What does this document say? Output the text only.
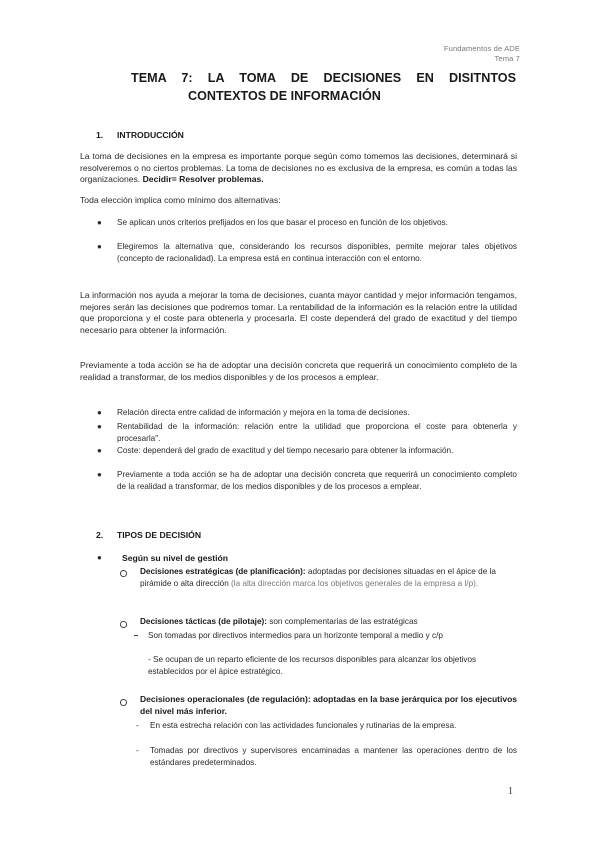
Fundamentos de ADE
Tema 7
TEMA 7: LA TOMA DE DECISIONES EN DISITNTOS
CONTEXTOS DE INFORMACIÓN
1. INTRODUCCIÓN
La toma de decisiones en la empresa es importante porque según como tomemos las decisiones, determinará si resolveremos o no ciertos problemas. La toma de decisiones no es exclusiva de la empresa, es común a todas las organizaciones. Decidir= Resolver problemas.
Toda elección implica como mínimo dos alternativas:
● Se aplican unos criterios prefijados en los que basar el proceso en función de los objetivos.
● Elegiremos la alternativa que, considerando los recursos disponibles, permite mejorar tales objetivos (concepto de racionalidad). La empresa está en continua interacción con el entorno.
La información nos ayuda a mejorar la toma de decisiones, cuanta mayor cantidad y mejor información tengamos, mejores serán las decisiones que podremos tomar. La rentabilidad de la información es la relación entre la utilidad que proporciona y el coste para obtenerla y procesarla. El coste dependerá del grado de exactitud y del tiempo necesario para obtener la información.
Previamente a toda acción se ha de adoptar una decisión concreta que requerirá un conocimiento completo de la realidad a transformar, de los medios disponibles y de los procesos a emplear.
● Relación directa entre calidad de información y mejora en la toma de decisiones.
● Rentabilidad de la información: relación entre la utilidad que proporciona el coste para obtenerla y procesarla".
● Coste: dependerá del grado de exactitud y del tiempo necesario para obtener la información.
● Previamente a toda acción se ha de adoptar una decisión concreta que requerirá un conocimiento completo de la realidad a transformar, de los medios disponibles y de los procesos a emplear.
2. TIPOS DE DECISIÓN
● Según su nivel de gestión
Decisiones estratégicas (de planificación): adoptadas por decisiones situadas en el ápice de la pirámide o alta dirección (la alta dirección marca los objetivos generales de la empresa a l/p).
Decisiones tácticas (de pilotaje): son complementarias de las estratégicas
Son tomadas por directivos intermedios para un horizonte temporal a medio y c/p
- Se ocupan de un reparto eficiente de los recursos disponibles para alcanzar los objetivos establecidos por el ápice estratégico.
Decisiones operacionales (de regulación): adoptadas en la base jerárquica por los ejecutivos del nivel más inferior.
- En esta estrecha relación con las actividades funcionales y rutinarias de la empresa.
- Tomadas por directivos y supervisores encaminadas a mantener las operaciones dentro de los estándares predeterminados.
1
